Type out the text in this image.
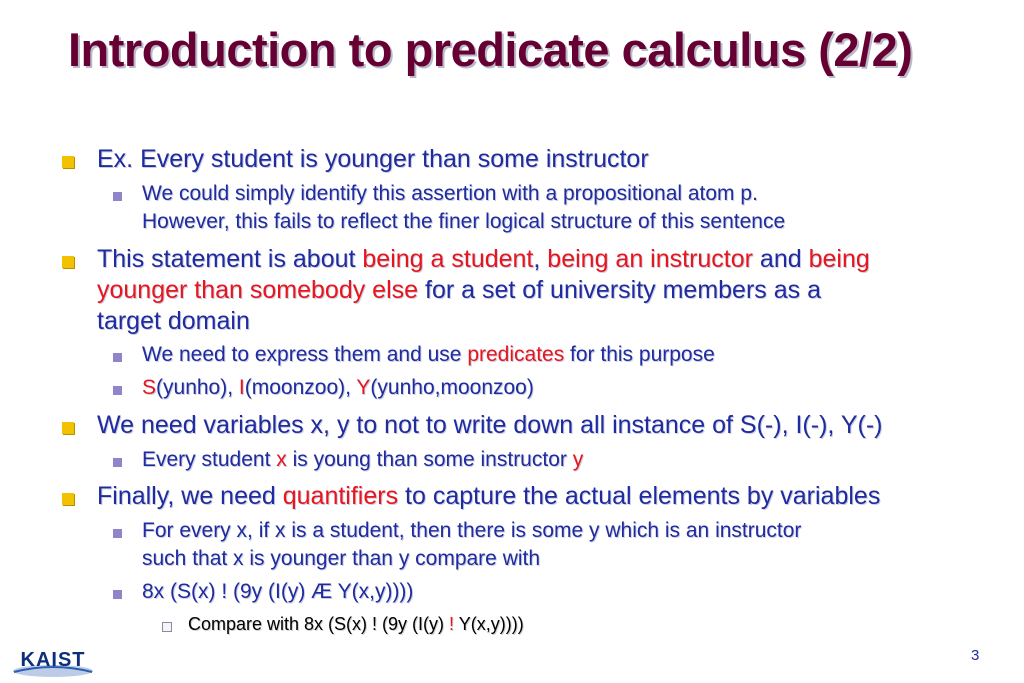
Introduction to predicate calculus (2/2)
Ex. Every student is younger than some instructor
We could simply identify this assertion with a propositional atom p.
However, this fails to reflect the finer logical structure of this sentence
This statement is about being a student, being an instructor and being
younger than somebody else for a set of university members as a
target domain
We need to express them and use predicates for this purpose
S(yunho), I(moonzoo), Y(yunho,moonzoo)
We need variables x, y to not to write down all instance of S(-), I(-), Y(-)
Every student x is young than some instructor y
Finally, we need quantifiers to capture the actual elements by variables
For every x, if x is a student, then there is some y which is an instructor
such that x is younger than y compare with
8x (S(x) ! (9y (I(y) Æ Y(x,y))))
Compare with 8x (S(x) ! (9y (I(y) ! Y(x,y))))
KAIST	3
